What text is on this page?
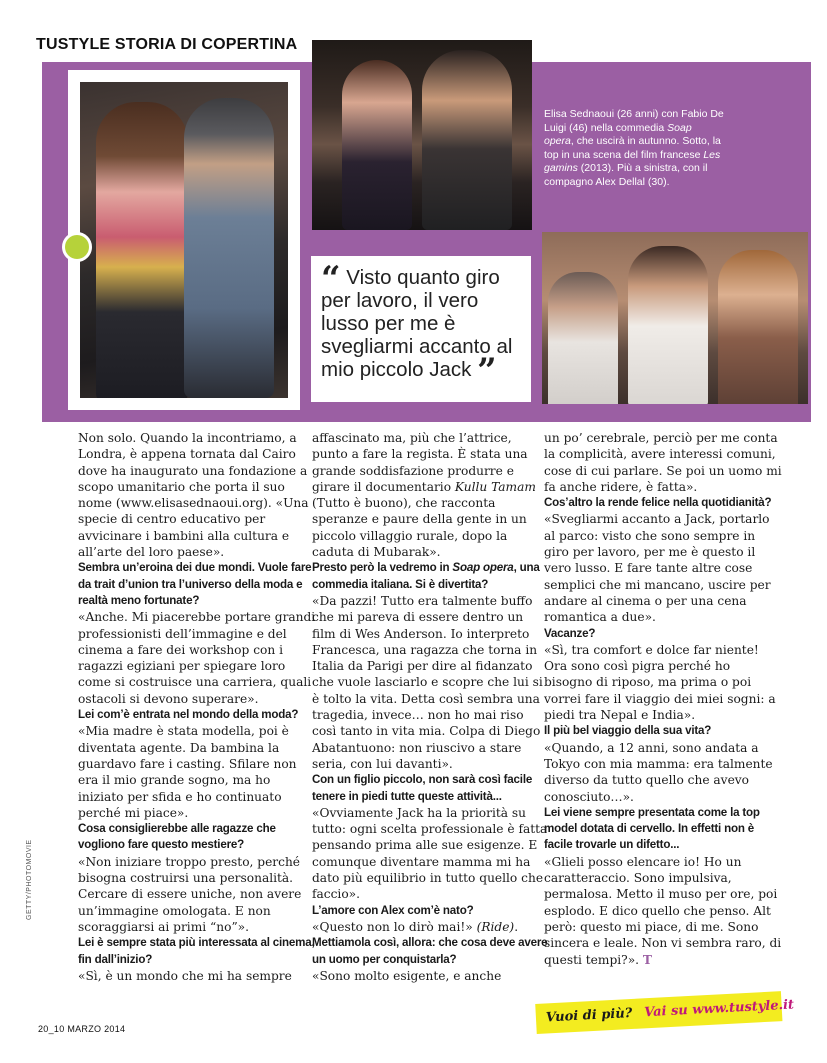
TUSTYLE STORIA DI COPERTINA

Elisa Sednaoui (26 anni) con Fabio De Luigi (46) nella commedia Soap opera, che uscirà in autunno. Sotto, la top in una scena del film francese Les gamins (2013). Più a sinistra, con il compagno Alex Dellal (30).

“ Visto quanto giro per lavoro, il vero lusso per me è svegliarmi accanto al mio piccolo Jack ”

Non solo. Quando la incontriamo, a Londra, è appena tornata dal Cairo dove ha inaugurato una fondazione a scopo umanitario che porta il suo nome (www.elisasednaoui.org). «Una specie di centro educativo per avvicinare i bambini alla cultura e all’arte del loro paese».

Sembra un’eroina dei due mondi. Vuole fare da trait d’union tra l’universo della moda e realtà meno fortunate?

«Anche. Mi piacerebbe portare grandi professionisti dell’immagine e del cinema a fare dei workshop con i ragazzi egiziani per spiegare loro come si costruisce una carriera, quali ostacoli si devono superare».

Lei com’è entrata nel mondo della moda?

«Mia madre è stata modella, poi è diventata agente. Da bambina la guardavo fare i casting. Sfilare non era il mio grande sogno, ma ho iniziato per sfida e ho continuato perché mi piace».

Cosa consiglierebbe alle ragazze che vogliono fare questo mestiere?

«Non iniziare troppo presto, perché bisogna costruirsi una personalità. Cercare di essere uniche, non avere un’immagine omologata. E non scoraggiarsi ai primi “no”».

Lei è sempre stata più interessata al cinema, fin dall’inizio?

«Sì, è un mondo che mi ha sempre

affascinato ma, più che l’attrice, punto a fare la regista. È stata una grande soddisfazione produrre e girare il documentario Kullu Tamam (Tutto è buono), che racconta speranze e paure della gente in un piccolo villaggio rurale, dopo la caduta di Mubarak».

Presto però la vedremo in Soap opera, una commedia italiana. Si è divertita?

«Da pazzi! Tutto era talmente buffo che mi pareva di essere dentro un film di Wes Anderson. Io interpreto Francesca, una ragazza che torna in Italia da Parigi per dire al fidanzato che vuole lasciarlo e scopre che lui si è tolto la vita. Detta così sembra una tragedia, invece… non ho mai riso così tanto in vita mia. Colpa di Diego Abatantuono: non riuscivo a stare seria, con lui davanti».

Con un figlio piccolo, non sarà così facile tenere in piedi tutte queste attività...

«Ovviamente Jack ha la priorità su tutto: ogni scelta professionale è fatta pensando prima alle sue esigenze. E comunque diventare mamma mi ha dato più equilibrio in tutto quello che faccio».

L’amore con Alex com’è nato?

«Questo non lo dirò mai!» (Ride).

Mettiamola così, allora: che cosa deve avere un uomo per conquistarla?

«Sono molto esigente, e anche

un po’ cerebrale, perciò per me conta la complicità, avere interessi comuni, cose di cui parlare. Se poi un uomo mi fa anche ridere, è fatta».

Cos’altro la rende felice nella quotidianità?

«Svegliarmi accanto a Jack, portarlo al parco: visto che sono sempre in giro per lavoro, per me è questo il vero lusso. E fare tante altre cose semplici che mi mancano, uscire per andare al cinema o per una cena romantica a due».

Vacanze?

«Sì, tra comfort e dolce far niente! Ora sono così pigra perché ho bisogno di riposo, ma prima o poi vorrei fare il viaggio dei miei sogni: a piedi tra Nepal e India».

Il più bel viaggio della sua vita?

«Quando, a 12 anni, sono andata a Tokyo con mia mamma: era talmente diverso da tutto quello che avevo conosciuto…».

Lei viene sempre presentata come la top model dotata di cervello. In effetti non è facile trovarle un difetto...

«Glieli posso elencare io! Ho un caratteraccio. Sono impulsiva, permalosa. Metto il muso per ore, poi esplodo. E dico quello che penso. Alt però: questo mi piace, di me. Sono sincera e leale. Non vi sembra raro, di questi tempi?». T

GETTY/PHOTOMOVIE
20_10 MARZO 2014
Vuoi di più? Vai su www.tustyle.it
